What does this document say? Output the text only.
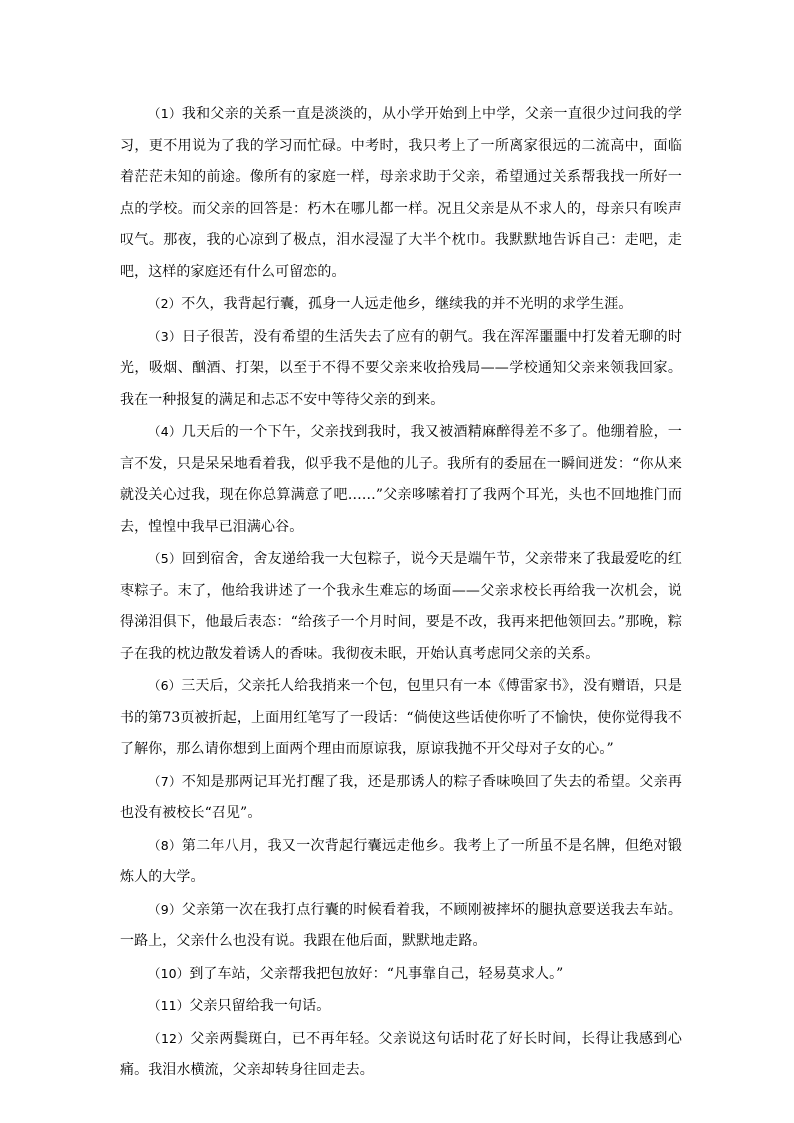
（1）我和父亲的关系一直是淡淡的，从小学开始到上中学，父亲一直很少过问我的学习，更不用说为了我的学习而忙碌。中考时，我只考上了一所离家很远的二流高中，面临着茫茫未知的前途。像所有的家庭一样，母亲求助于父亲，希望通过关系帮我找一所好一点的学校。而父亲的回答是：朽木在哪儿都一样。况且父亲是从不求人的，母亲只有唉声叹气。那夜，我的心凉到了极点，泪水浸湿了大半个枕巾。我默默地告诉自己：走吧，走吧，这样的家庭还有什么可留恋的。

（2）不久，我背起行囊，孤身一人远走他乡，继续我的并不光明的求学生涯。

（3）日子很苦，没有希望的生活失去了应有的朝气。我在浑浑噩噩中打发着无聊的时光，吸烟、酗酒、打架，以至于不得不要父亲来收拾残局——学校通知父亲来领我回家。我在一种报复的满足和忐忑不安中等待父亲的到来。

（4）几天后的一个下午，父亲找到我时，我又被酒精麻醉得差不多了。他绷着脸，一言不发，只是呆呆地看着我，似乎我不是他的儿子。我所有的委屈在一瞬间迸发：“你从来就没关心过我，现在你总算满意了吧……”父亲哆嗦着打了我两个耳光，头也不回地推门而去，惶惶中我早已泪满心谷。

（5）回到宿舍，舍友递给我一大包粽子，说今天是端午节，父亲带来了我最爱吃的红枣粽子。末了，他给我讲述了一个我永生难忘的场面——父亲求校长再给我一次机会，说得涕泪俱下，他最后表态：“给孩子一个月时间，要是不改，我再来把他领回去。”那晚，粽子在我的枕边散发着诱人的香味。我彻夜未眠，开始认真考虑同父亲的关系。

（6）三天后，父亲托人给我捎来一个包，包里只有一本《傅雷家书》，没有赠语，只是书的第73页被折起，上面用红笔写了一段话：“倘使这些话使你听了不愉快，使你觉得我不了解你，那么请你想到上面两个理由而原谅我，原谅我抛不开父母对子女的心。”

（7）不知是那两记耳光打醒了我，还是那诱人的粽子香味唤回了失去的希望。父亲再也没有被校长“召见”。

（8）第二年八月，我又一次背起行囊远走他乡。我考上了一所虽不是名牌，但绝对锻炼人的大学。

（9）父亲第一次在我打点行囊的时候看着我，不顾刚被摔坏的腿执意要送我去车站。一路上，父亲什么也没有说。我跟在他后面，默默地走路。

（10）到了车站，父亲帮我把包放好：“凡事靠自己，轻易莫求人。”

（11）父亲只留给我一句话。

（12）父亲两鬓斑白，已不再年轻。父亲说这句话时花了好长时间，长得让我感到心痛。我泪水横流，父亲却转身往回走去。
